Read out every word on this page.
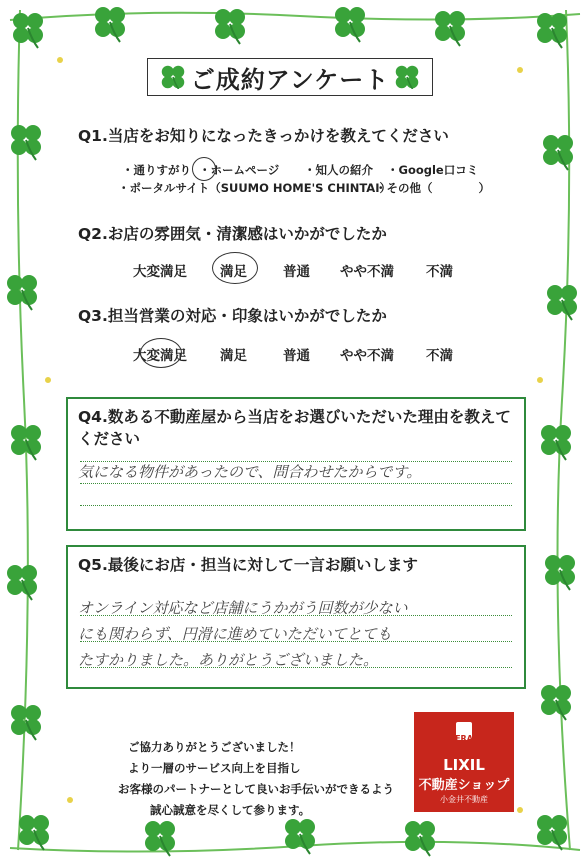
ご成約アンケート
Q1.当店をお知りになったきっかけを教えてください
・通りすがり ・ホームページ ・知人の紹介 ・Google口コミ
・ポータルサイト（SUUMO HOME'S CHINTAI）
・その他（　　　　）
Q2.お店の雰囲気・清潔感はいかがでしたか
大変満足 満足	普通 やや不満 不満
Q3.担当営業の対応・印象はいかがでしたか
大変満足 満足	普通 やや不満 不満
Q4.数ある不動産屋から当店をお選びいただいた理由を教えて
ください
気になる物件があったので、問合わせたからです。
Q5.最後にお店・担当に対して一言お願いします
オンライン対応など店舗にうかがう回数が少ない
にも関わらず、円滑に進めていただいてとても
たすかりました。ありがとうございました。
ご協力ありがとうございました！
より一層のサービス向上を目指し
お客様のパートナーとして良いお手伝いができるよう
誠心誠意を尽くして参ります。
ERA
LIXIL
不動産ショップ
小金井不動産
